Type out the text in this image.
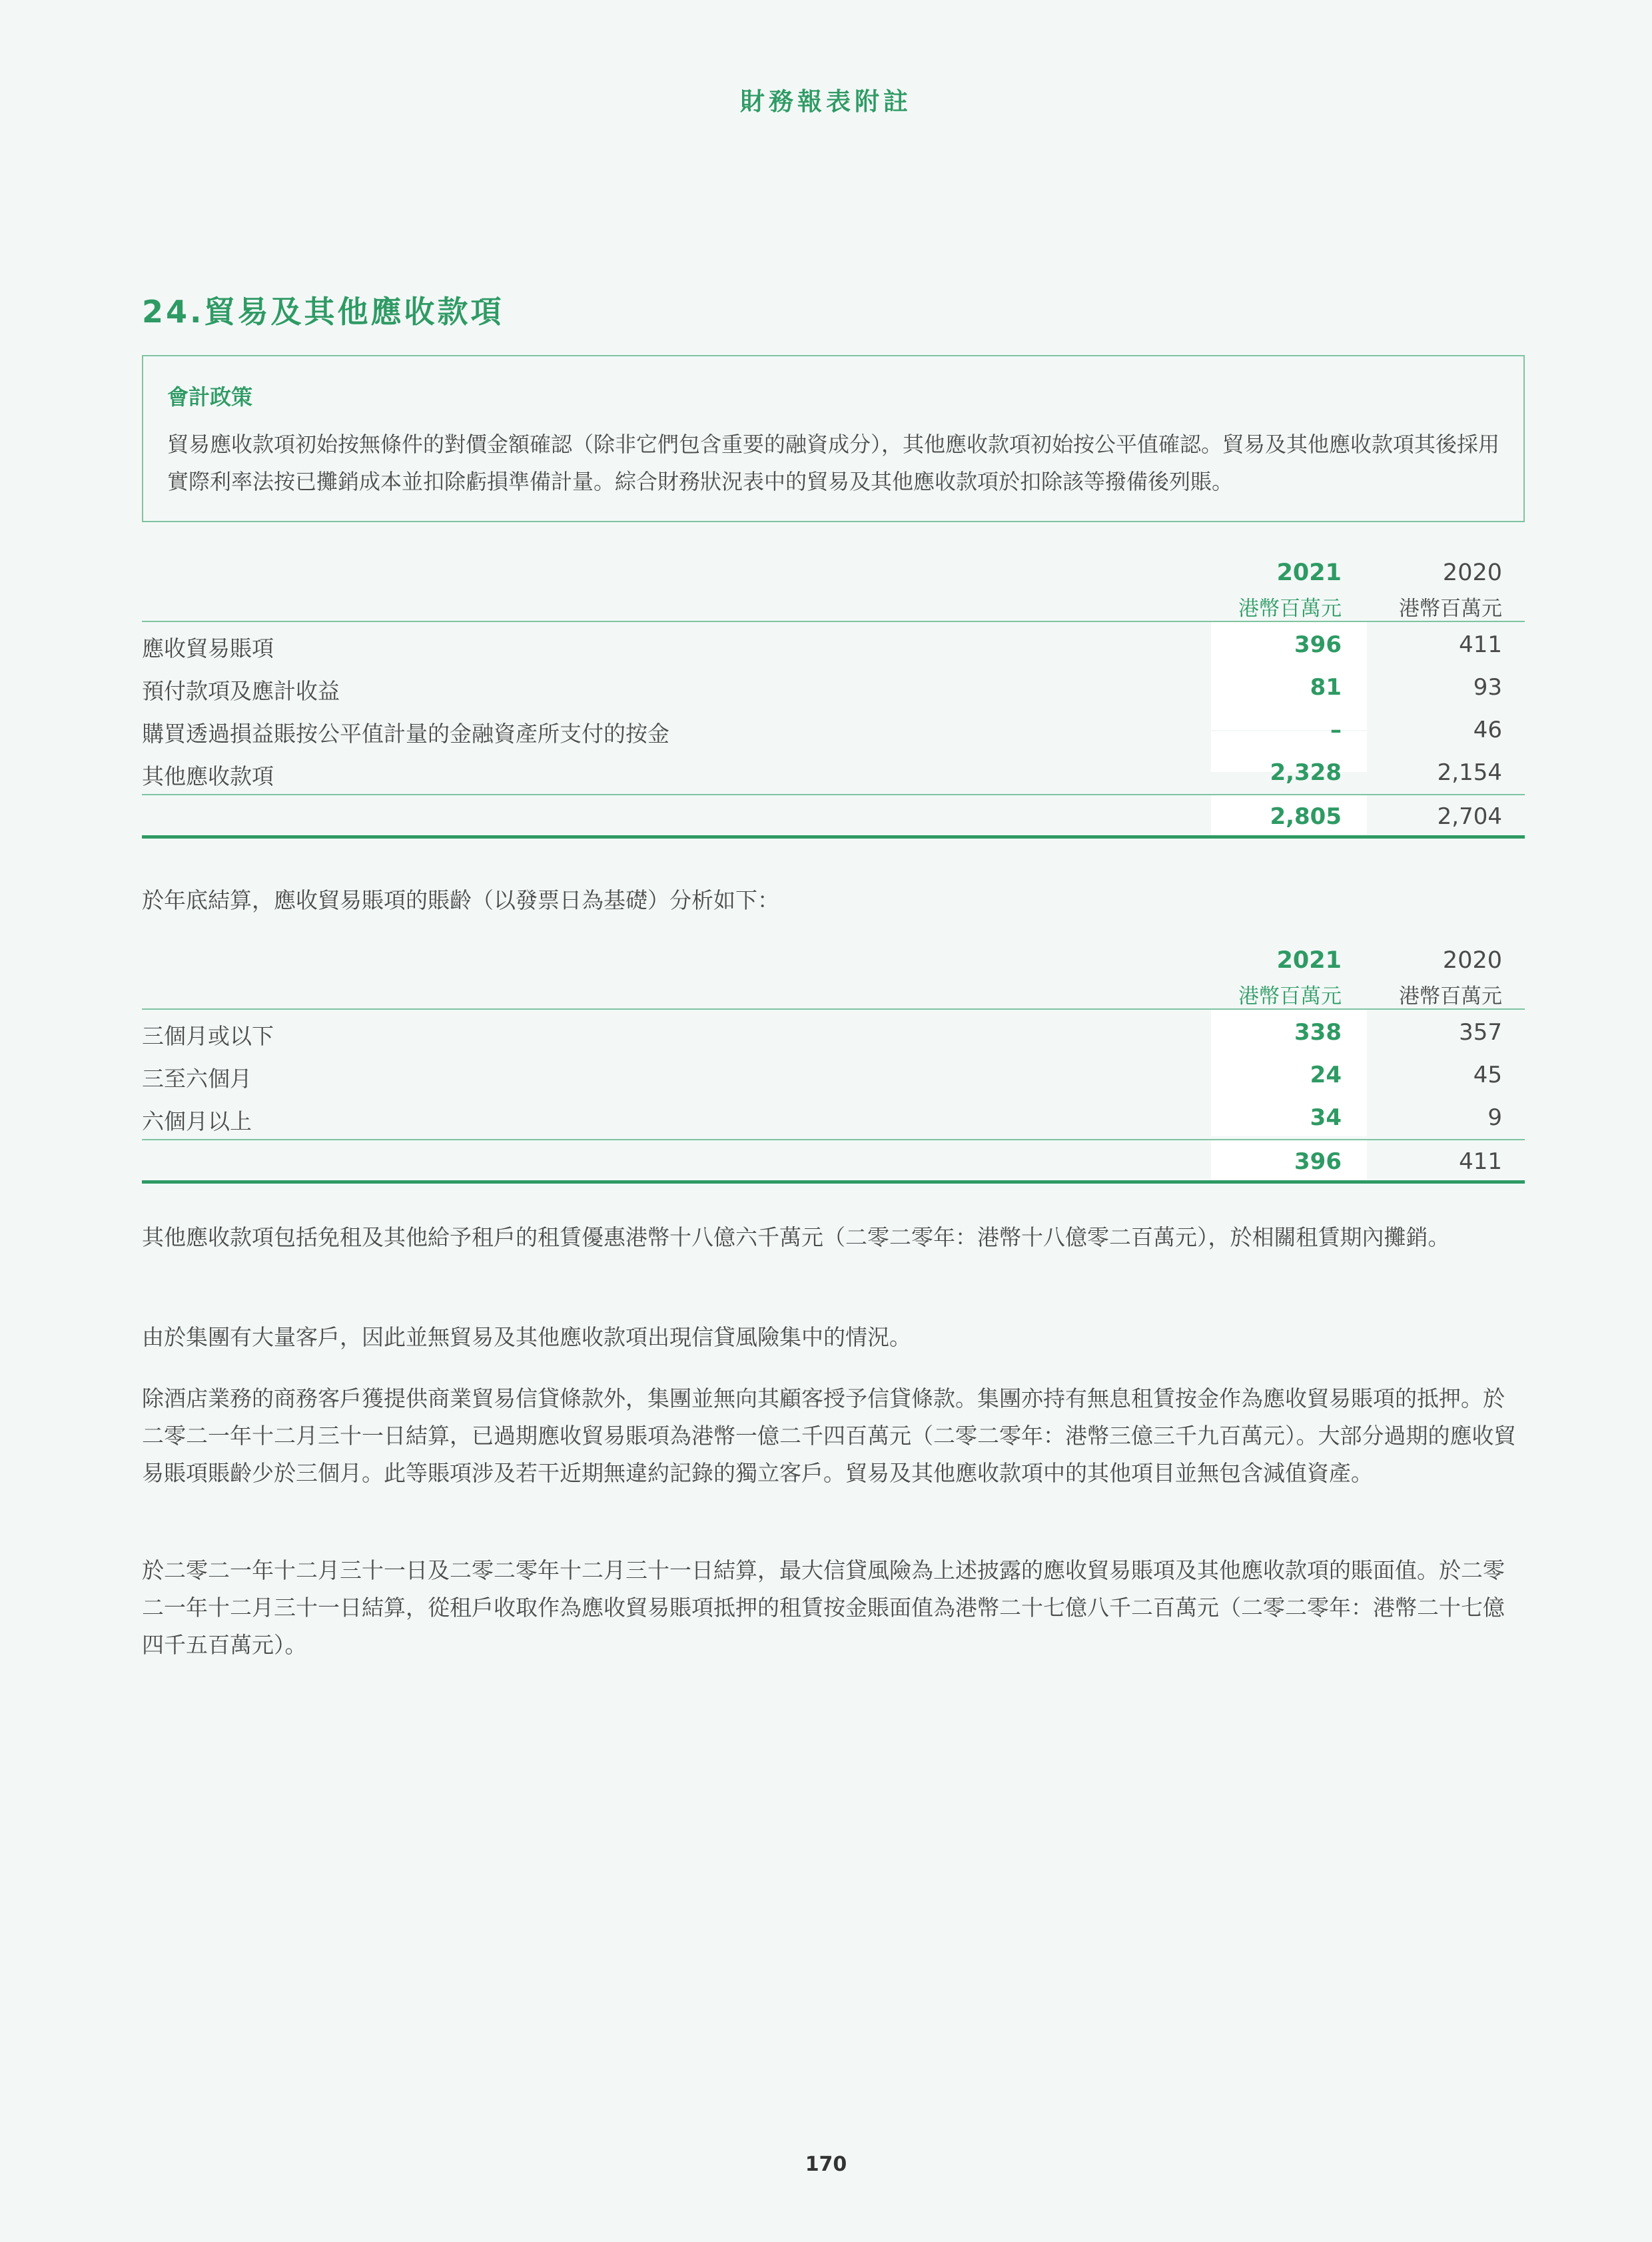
財務報表附註
24.貿易及其他應收款項
會計政策
貿易應收款項初始按無條件的對價金額確認（除非它們包含重要的融資成分），其他應收款項初始按公平值確認。貿易及其他應收款項其後採用實際利率法按已攤銷成本並扣除虧損準備計量。綜合財務狀況表中的貿易及其他應收款項於扣除該等撥備後列賬。
2021	2020
港幣百萬元	港幣百萬元
應收貿易賬項	396	411
預付款項及應計收益	81	93
購買透過損益賬按公平值計量的金融資產所支付的按金	–	46
其他應收款項	2,328	2,154
2,805	2,704
於年底結算，應收貿易賬項的賬齡（以發票日為基礎）分析如下：
2021	2020
港幣百萬元	港幣百萬元
三個月或以下	338	357
三至六個月	24	45
六個月以上	34	9
396	411
其他應收款項包括免租及其他給予租戶的租賃優惠港幣十八億六千萬元（二零二零年：港幣十八億零二百萬元），於相關租賃期內攤銷。
由於集團有大量客戶，因此並無貿易及其他應收款項出現信貸風險集中的情況。
除酒店業務的商務客戶獲提供商業貿易信貸條款外，集團並無向其顧客授予信貸條款。集團亦持有無息租賃按金作為應收貿易賬項的抵押。於二零二一年十二月三十一日結算，已過期應收貿易賬項為港幣一億二千四百萬元（二零二零年：港幣三億三千九百萬元）。大部分過期的應收貿易賬項賬齡少於三個月。此等賬項涉及若干近期無違約記錄的獨立客戶。貿易及其他應收款項中的其他項目並無包含減值資產。
於二零二一年十二月三十一日及二零二零年十二月三十一日結算，最大信貸風險為上述披露的應收貿易賬項及其他應收款項的賬面值。於二零二一年十二月三十一日結算，從租戶收取作為應收貿易賬項抵押的租賃按金賬面值為港幣二十七億八千二百萬元（二零二零年：港幣二十七億四千五百萬元）。
170
